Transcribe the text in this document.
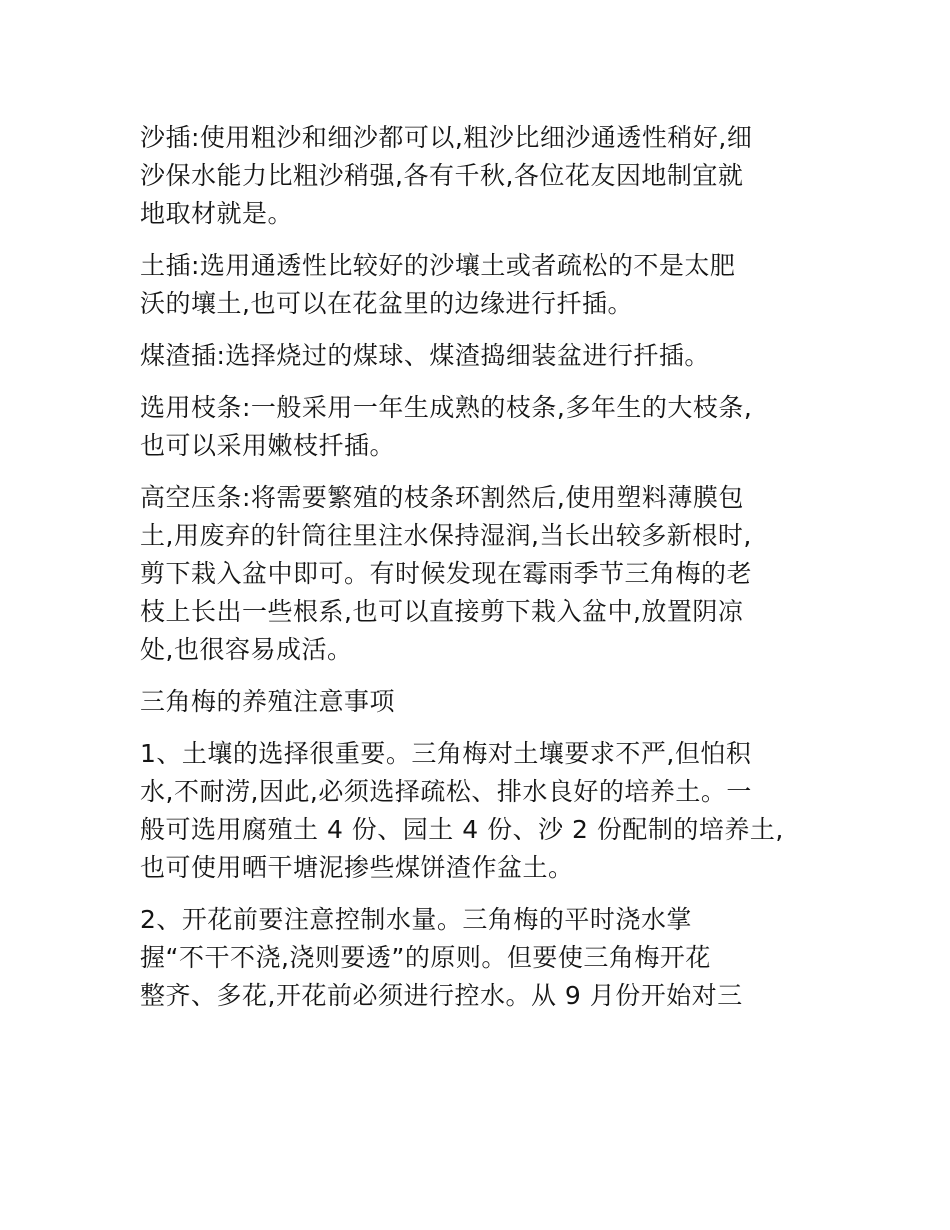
沙插:使用粗沙和细沙都可以,粗沙比细沙通透性稍好,细
沙保水能力比粗沙稍强,各有千秋,各位花友因地制宜就
地取材就是。
土插:选用通透性比较好的沙壤土或者疏松的不是太肥
沃的壤土,也可以在花盆里的边缘进行扦插。
煤渣插:选择烧过的煤球、煤渣捣细装盆进行扦插。
选用枝条:一般采用一年生成熟的枝条,多年生的大枝条,
也可以采用嫩枝扦插。
高空压条:将需要繁殖的枝条环割然后,使用塑料薄膜包
土,用废弃的针筒往里注水保持湿润,当长出较多新根时,
剪下栽入盆中即可。有时候发现在霉雨季节三角梅的老
枝上长出一些根系,也可以直接剪下栽入盆中,放置阴凉
处,也很容易成活。
三角梅的养殖注意事项
1、土壤的选择很重要。三角梅对土壤要求不严,但怕积
水,不耐涝,因此,必须选择疏松、排水良好的培养土。一
般可选用腐殖土 4 份、园土 4 份、沙 2 份配制的培养土,
也可使用晒干塘泥掺些煤饼渣作盆土。
2、开花前要注意控制水量。三角梅的平时浇水掌
握“不干不浇,浇则要透”的原则。但要使三角梅开花
整齐、多花,开花前必须进行控水。从 9 月份开始对三
